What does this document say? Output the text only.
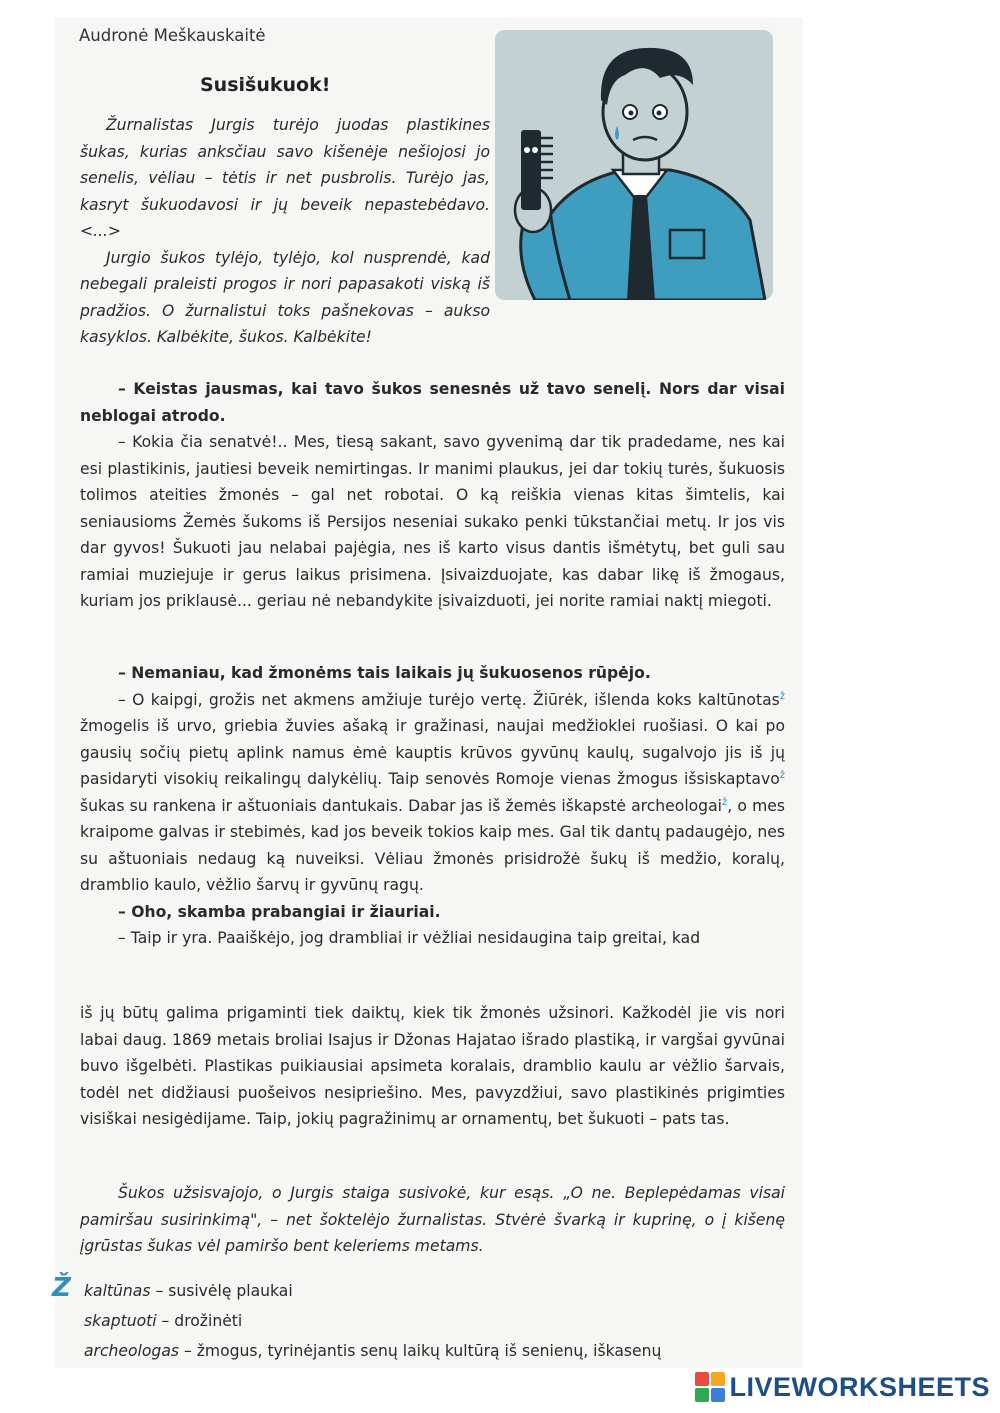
Audronė Meškauskaitė
Susišukuok!

Žurnalistas Jurgis turėjo juodas plastikines šukas, kurias anksčiau savo kišenėje nešiojosi jo senelis, vėliau – tėtis ir net pusbrolis. Turėjo jas, kasryt šukuodavosi ir jų beveik nepastebėdavo. <...>

Jurgio šukos tylėjo, tylėjo, kol nusprendė, kad nebegali praleisti progos ir nori papasakoti viską iš pradžios. O žurnalistui toks pašnekovas – aukso kasyklos. Kalbėkite, šukos. Kalbėkite!

– Keistas jausmas, kai tavo šukos senesnės už tavo senelį. Nors dar visai neblogai atrodo.

– Kokia čia senatvė!.. Mes, tiesą sakant, savo gyvenimą dar tik pradedame, nes kai esi plastikinis, jautiesi beveik nemirtingas. Ir manimi plaukus, jei dar tokių turės, šukuosis tolimos ateities žmonės – gal net robotai. O ką reiškia vienas kitas šimtelis, kai seniausioms Žemės šukoms iš Persijos neseniai sukako penki tūkstančiai metų. Ir jos vis dar gyvos! Šukuoti jau nelabai pajėgia, nes iš karto visus dantis išmėtytų, bet guli sau ramiai muziejuje ir gerus laikus prisimena. Įsivaizduojate, kas dabar likę iš žmogaus, kuriam jos priklausė... geriau nė nebandykite įsivaizduoti, jei norite ramiai naktį miegoti.

– Nemaniau, kad žmonėms tais laikais jų šukuosenos rūpėjo.

– O kaipgi, grožis net akmens amžiuje turėjo vertę. Žiūrėk, išlenda koks kaltūnotas$^ž$ žmogelis iš urvo, griebia žuvies ašaką ir gražinasi, naujai medžioklei ruošiasi. O kai po gausių sočių pietų aplink namus ėmė kauptis krūvos gyvūnų kaulų, sugalvojo jis iš jų pasidaryti visokių reikalingų dalykėlių. Taip senovės Romoje vienas žmogus išsiskaptavo$^ž$ šukas su rankena ir aštuoniais dantukais. Dabar jas iš žemės iškapstė archeologai$^ž$, o mes kraipome galvas ir stebimės, kad jos beveik tokios kaip mes. Gal tik dantų padaugėjo, nes su aštuoniais nedaug ką nuveiksi. Vėliau žmonės prisidrožė šukų iš medžio, koralų, dramblio kaulo, vėžlio šarvų ir gyvūnų ragų.

– Oho, skamba prabangiai ir žiauriai.

– Taip ir yra. Paaiškėjo, jog drambliai ir vėžliai nesidaugina taip greitai, kad

iš jų būtų galima prigaminti tiek daiktų, kiek tik žmonės užsinori. Kažkodėl jie vis nori labai daug. 1869 metais broliai Isajus ir Džonas Hajatao išrado plastiką, ir vargšai gyvūnai buvo išgelbėti. Plastikas puikiausiai apsimeta koralais, dramblio kaulu ar vėžlio šarvais, todėl net didžiausi puošeivos nesipriešino. Mes, pavyzdžiui, savo plastikinės prigimties visiškai nesigėdijame. Taip, jokių pagražinimų ar ornamentų, bet šukuoti – pats tas.

Šukos užsisvajojo, o Jurgis staiga susivokė, kur esąs. „O ne. Beplepėdamas visai pamiršau susirinkimą", – net šoktelėjo žurnalistas. Stvėrė švarką ir kuprinę, o į kišenę įgrūstas šukas vėl pamiršo bent keleriems metams.

Ž kaltūnas – susivėlę plaukai
skaptuoti – drožinėti
archeologas – žmogus, tyrinėjantis senų laikų kultūrą iš senienų, iškasenų
LIVEWORKSHEETS
